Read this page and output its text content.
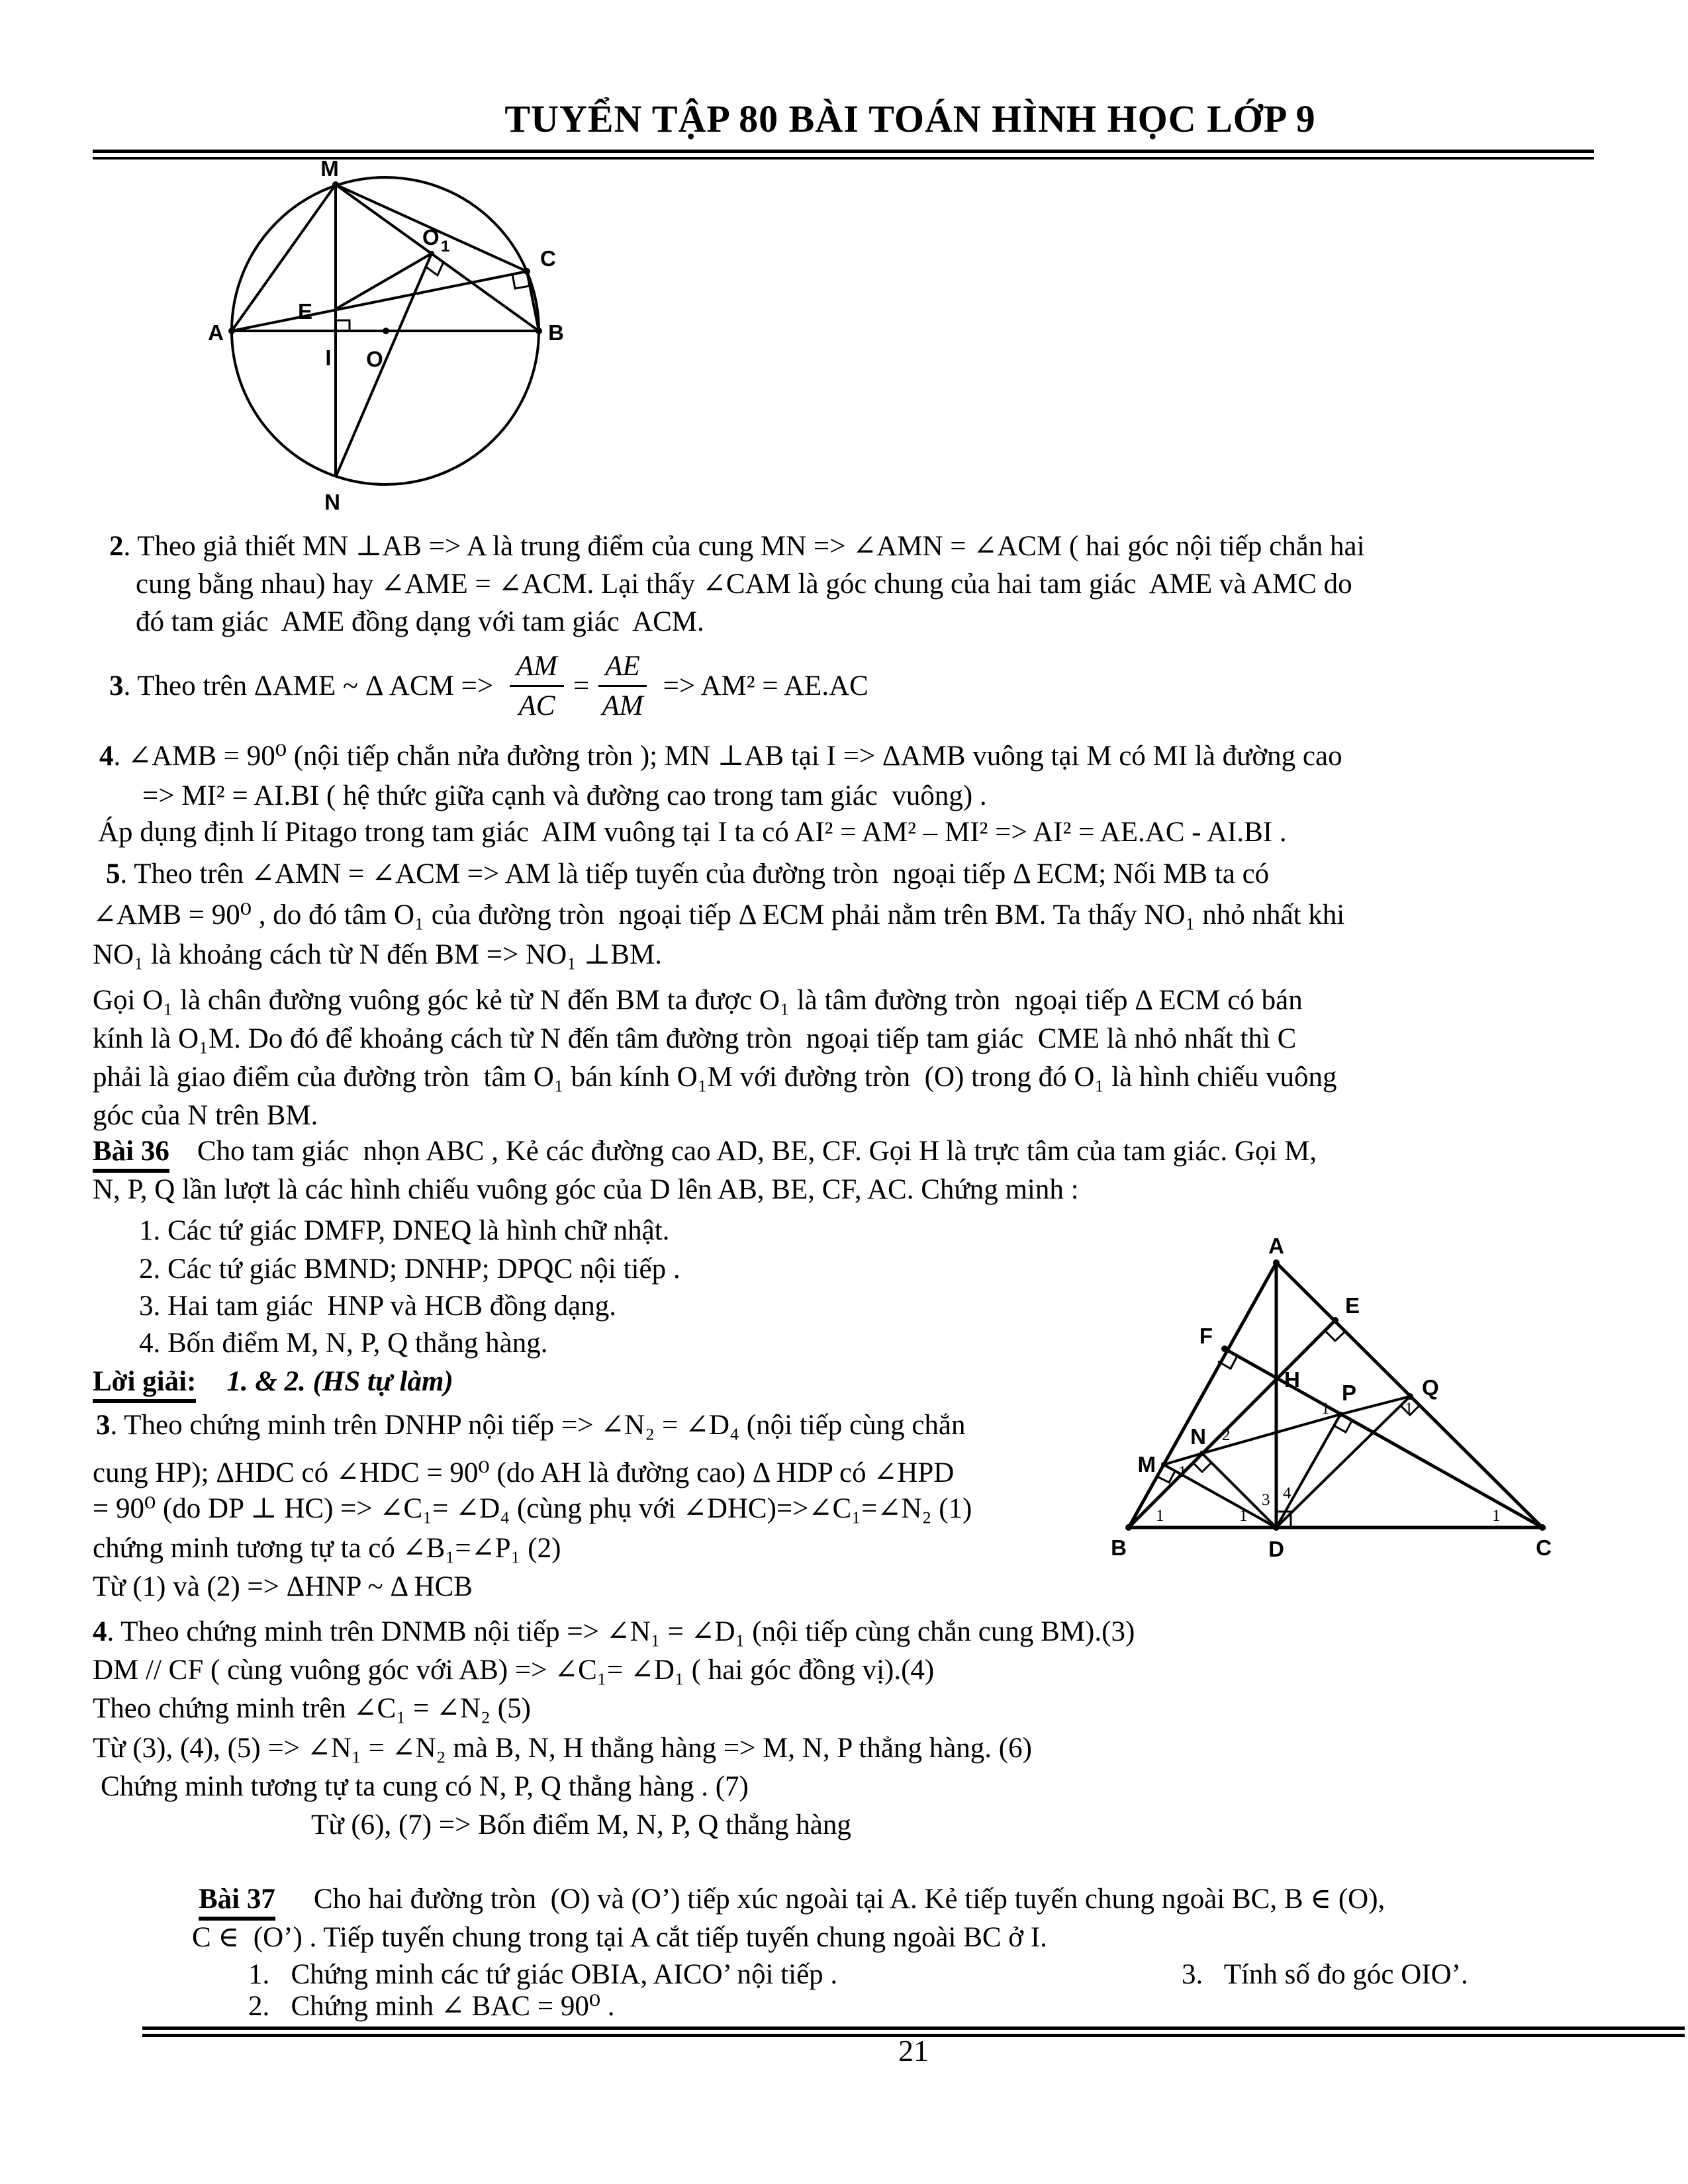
TUYỂN TẬP 80 BÀI TOÁN HÌNH HỌC LỚP 9
M
E
A	B
I O
O 1
N
C
2. Theo giả thiết MN ⊥AB => A là trung điểm của cung MN => ∠AMN = ∠ACM ( hai góc nội tiếp chắn hai
cung bằng nhau) hay ∠AME = ∠ACM. Lại thấy ∠CAM là góc chung của hai tam giác  AME và AMC do
đó tam giác  AME đồng dạng với tam giác  ACM.
3 . Theo trên ΔAME ~ Δ ACM => $\frac{AM}{AC} = \frac{AE}{AM} => AM^2 = AE.AC$
4. ∠AMB = 90⁰ (nội tiếp chắn nửa đường tròn ); MN ⊥AB tại I => ΔAMB vuông tại M có MI là đường cao
=> MI² = AI.BI ( hệ thức giữa cạnh và đường cao trong tam giác  vuông) .
Áp dụng định lí Pitago trong tam giác  AIM vuông tại I ta có AI² = AM² – MI² => AI² = AE.AC - AI.BI .
5. Theo trên ∠AMN = ∠ACM => AM là tiếp tuyến của đường tròn  ngoại tiếp Δ ECM; Nối MB ta có
∠AMB = 90⁰ , do đó tâm O₁ của đường tròn  ngoại tiếp Δ ECM phải nằm trên BM. Ta thấy NO₁ nhỏ nhất khi
NO₁ là khoảng cách từ N đến BM => NO₁ ⊥BM.
Gọi O₁ là chân đường vuông góc kẻ từ N đến BM ta được O₁ là tâm đường tròn  ngoại tiếp Δ ECM có bán
kính là O₁M. Do đó để khoảng cách từ N đến tâm đường tròn  ngoại tiếp tam giác  CME là nhỏ nhất thì C
phải là giao điểm của đường tròn  tâm O₁ bán kính O₁M với đường tròn  (O) trong đó O₁ là hình chiếu vuông
góc của N trên BM.
Bài 36 Cho tam giác  nhọn ABC , Kẻ các đường cao AD, BE, CF. Gọi H là trực tâm của tam giác. Gọi M,
N, P, Q lần lượt là các hình chiếu vuông góc của D lên AB, BE, CF, AC. Chứng minh :
1. Các tứ giác DMFP, DNEQ là hình chữ nhật.
2. Các tứ giác BMND; DNHP; DPQC nội tiếp .
3. Hai tam giác  HNP và HCB đồng dạng.
4. Bốn điểm M, N, P, Q thẳng hàng.
Lời giải: 1. & 2. (HS tự làm)
3. Theo chứng minh trên DNHP nội tiếp => ∠N₂ = ∠D₄ (nội tiếp cùng chắn
cung HP); ΔHDC có ∠HDC = 90⁰ (do AH là đường cao) Δ HDP có ∠HPD
= 90⁰ (do DP ⊥ HC) => ∠C₁= ∠D₄ (cùng phụ với ∠DHC)=>∠C₁=∠N₂ (1)
chứng minh tương tự ta có ∠B₁=∠P₁ (2)
Từ (1) và (2) => ΔHNP ~ Δ HCB
4. Theo chứng minh trên DNMB nội tiếp => ∠N₁ = ∠D₁ (nội tiếp cùng chắn cung BM).(3)
DM // CF ( cùng vuông góc với AB) => ∠C₁= ∠D₁ ( hai góc đồng vị).(4)
Theo chứng minh trên ∠C₁ = ∠N₂ (5)
Từ (3), (4), (5) => ∠N₁ = ∠N₂ mà B, N, H thẳng hàng => M, N, P thẳng hàng. (6)
Chứng minh tương tự ta cung có N, P, Q thẳng hàng . (7)
Từ (6), (7) => Bốn điểm M, N, P, Q thẳng hàng
A
B	C
D
E
F
H
M
N
P	Q
1	1
3 4
1
2
1
1	1
Bài 37 Cho hai đường tròn  (O) và (O’) tiếp xúc ngoài tại A. Kẻ tiếp tuyến chung ngoài BC, B ∈ (O),
C ∈  (O’) . Tiếp tuyến chung trong tại A cắt tiếp tuyến chung ngoài BC ở I.
1.   Chứng minh các tứ giác OBIA, AICO’ nội tiếp .	3.   Tính số đo góc OIO’.
2.   Chứng minh ∠ BAC = 90⁰ .
21
